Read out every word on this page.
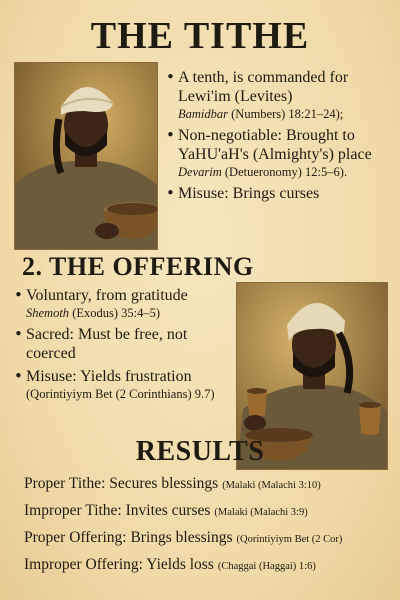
THE TITHE
• A tenth, is commanded for Lewi'im (Levites)
Bamidbar (Numbers) 18:21–24);
• Non-negotiable: Brought to YaHU'aH's (Almighty's) place
Devarim (Detueronomy) 12:5–6).
• Misuse: Brings curses
2. THE OFFERING
• Voluntary, from gratitude
Shemoth (Exodus) 35:4–5)
• Sacred: Must be free, not coerced
• Misuse: Yields frustration
(Qorintiyiym Bet (2 Corinthians) 9.7)
RESULTS
Proper Tithe: Secures blessings (Malaki (Malachi 3:10)
Improper Tithe: Invites curses (Malaki (Malachi 3:9)
Proper Offering: Brings blessings (Qorintiyiym Bet (2 Cor)
Improper Offering: Yields loss (Chaggai (Haggai) 1:6)
